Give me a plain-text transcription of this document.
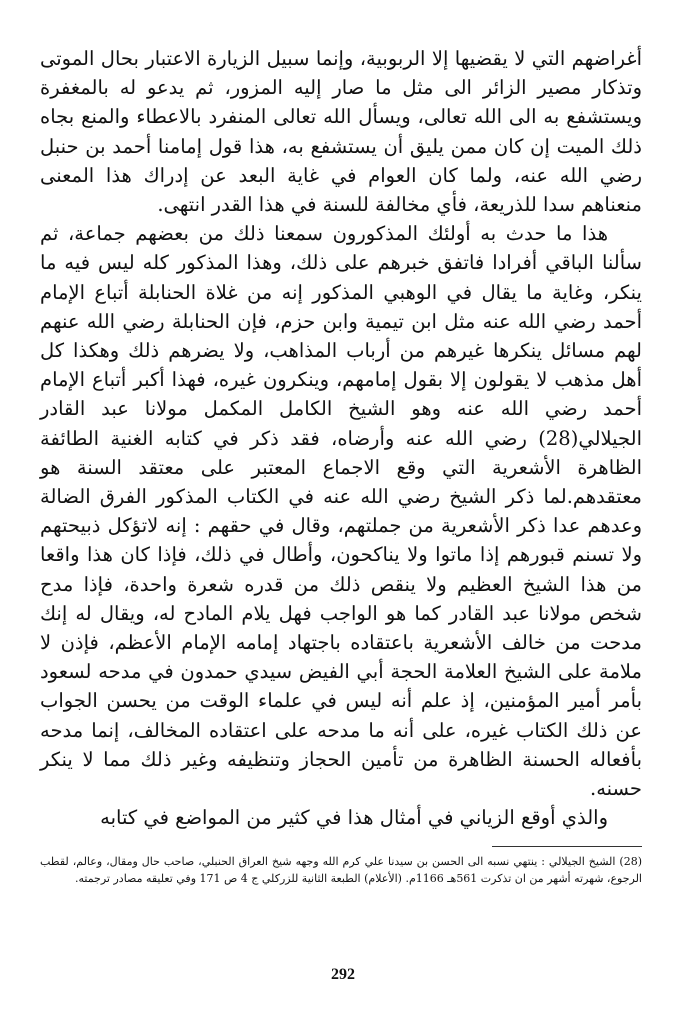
أغراضهم التي لا يقضيها إلا الربوبية، وإنما سبيل الزيارة الاعتبار بحال الموتى وتذكار مصير الزائر الى مثل ما صار إليه المزور، ثم يدعو له بالمغفرة ويستشفع به الى الله تعالى، ويسأل الله تعالى المنفرد بالاعطاء والمنع بجاه ذلك الميت إن كان ممن يليق أن يستشفع به، هذا قول إمامنا أحمد بن حنبل رضي الله عنه، ولما كان العوام في غاية البعد عن إدراك هذا المعنى منعناهم سدا للذريعة، فأي مخالفة للسنة في هذا القدر انتهى.

هذا ما حدث به أولئك المذكورون سمعنا ذلك من بعضهم جماعة، ثم سألنا الباقي أفرادا فاتفق خبرهم على ذلك، وهذا المذكور كله ليس فيه ما ينكر، وغاية ما يقال في الوهبي المذكور إنه من غلاة الحنابلة أتباع الإمام أحمد رضي الله عنه مثل ابن تيمية وابن حزم، فإن الحنابلة رضي الله عنهم لهم مسائل ينكرها غيرهم من أرباب المذاهب، ولا يضرهم ذلك وهكذا كل أهل مذهب لا يقولون إلا بقول إمامهم، وينكرون غيره، فهذا أكبر أتباع الإمام أحمد رضي الله عنه وهو الشيخ الكامل المكمل مولانا عبد القادر الجيلالي(28) رضي الله عنه وأرضاه، فقد ذكر في كتابه الغنية الطائفة الظاهرة الأشعرية التي وقع الاجماع المعتبر على معتقد السنة هو معتقدهم.لما ذكر الشيخ رضي الله عنه في الكتاب المذكور الفرق الضالة وعدهم عدا ذكر الأشعرية من جملتهم، وقال في حقهم : إنه لاتؤكل ذبيحتهم ولا تسنم قبورهم إذا ماتوا ولا يناكحون، وأطال في ذلك، فإذا كان هذا واقعا من هذا الشيخ العظيم ولا ينقص ذلك من قدره شعرة واحدة، فإذا مدح شخص مولانا عبد القادر كما هو الواجب فهل يلام المادح له، ويقال له إنك مدحت من خالف الأشعرية باعتقاده باجتهاد إمامه الإمام الأعظم، فإذن لا ملامة على الشيخ العلامة الحجة أبي الفيض سيدي حمدون في مدحه لسعود بأمر أمير المؤمنين، إذ علم أنه ليس في علماء الوقت من يحسن الجواب عن ذلك الكتاب غيره، على أنه ما مدحه على اعتقاده المخالف، إنما مدحه بأفعاله الحسنة الظاهرة من تأمين الحجاز وتنظيفه وغير ذلك مما لا ينكر حسنه.

والذي أوقع الزياني في أمثال هذا في كثير من المواضع في كتابه

(28) الشيخ الجيلالي : ينتهي نسبه الى الحسن بن سيدنا علي كرم الله وجهه شيخ العراق الحنبلي، صاحب حال ومقال، وعالم، لقطب الرجوع، شهرته أشهر من ان تذكرت 561هـ 1166م. (الأعلام) الطبعة الثانية للزركلي ج 4 ص 171 وفي تعليقه مصادر ترجمته.

292
